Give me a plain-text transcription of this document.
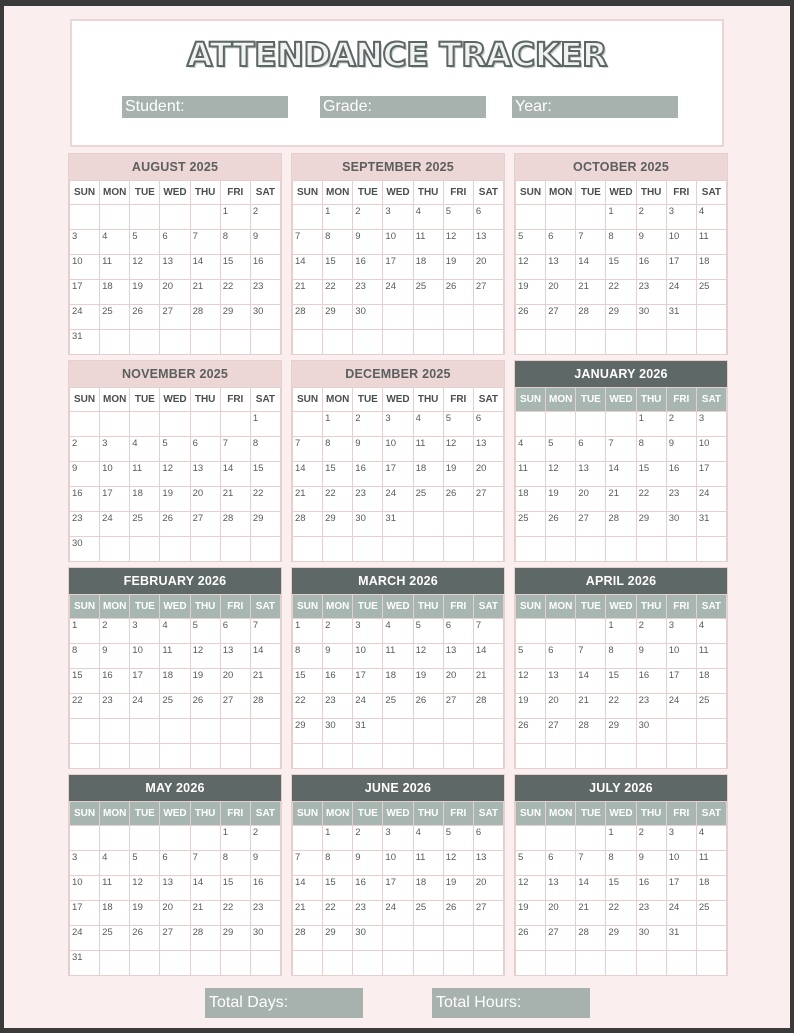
ATTENDANCE TRACKER
Student:	Grade:	Year:
AUGUST 2025
SUN	MON	TUE	WED	THU	FRI	SAT
					1	2
3	4	5	6	7	8	9
10	11	12	13	14	15	16
17	18	19	20	21	22	23
24	25	26	27	28	29	30
31						
SEPTEMBER 2025
SUN	MON	TUE	WED	THU	FRI	SAT
	1	2	3	4	5	6
7	8	9	10	11	12	13
14	15	16	17	18	19	20
21	22	23	24	25	26	27
28	29	30				

OCTOBER 2025
SUN	MON	TUE	WED	THU	FRI	SAT
			1	2	3	4
5	6	7	8	9	10	11
12	13	14	15	16	17	18
19	20	21	22	23	24	25
26	27	28	29	30	31	

NOVEMBER 2025
SUN	MON	TUE	WED	THU	FRI	SAT
						1
2	3	4	5	6	7	8
9	10	11	12	13	14	15
16	17	18	19	20	21	22
23	24	25	26	27	28	29
30						
DECEMBER 2025
SUN	MON	TUE	WED	THU	FRI	SAT
	1	2	3	4	5	6
7	8	9	10	11	12	13
14	15	16	17	18	19	20
21	22	23	24	25	26	27
28	29	30	31			

JANUARY 2026
SUN	MON	TUE	WED	THU	FRI	SAT
				1	2	3
4	5	6	7	8	9	10
11	12	13	14	15	16	17
18	19	20	21	22	23	24
25	26	27	28	29	30	31

FEBRUARY 2026
SUN	MON	TUE	WED	THU	FRI	SAT
1	2	3	4	5	6	7
8	9	10	11	12	13	14
15	16	17	18	19	20	21
22	23	24	25	26	27	28

MARCH 2026
SUN	MON	TUE	WED	THU	FRI	SAT
1	2	3	4	5	6	7
8	9	10	11	12	13	14
15	16	17	18	19	20	21
22	23	24	25	26	27	28
29	30	31				

APRIL 2026
SUN	MON	TUE	WED	THU	FRI	SAT
			1	2	3	4
5	6	7	8	9	10	11
12	13	14	15	16	17	18
19	20	21	22	23	24	25
26	27	28	29	30		

MAY 2026
SUN	MON	TUE	WED	THU	FRI	SAT
					1	2
3	4	5	6	7	8	9
10	11	12	13	14	15	16
17	18	19	20	21	22	23
24	25	26	27	28	29	30
31						
JUNE 2026
SUN	MON	TUE	WED	THU	FRI	SAT
	1	2	3	4	5	6
7	8	9	10	11	12	13
14	15	16	17	18	19	20
21	22	23	24	25	26	27
28	29	30				

JULY 2026
SUN	MON	TUE	WED	THU	FRI	SAT
			1	2	3	4
5	6	7	8	9	10	11
12	13	14	15	16	17	18
19	20	21	22	23	24	25
26	27	28	29	30	31	

Total Days:	Total Hours:
